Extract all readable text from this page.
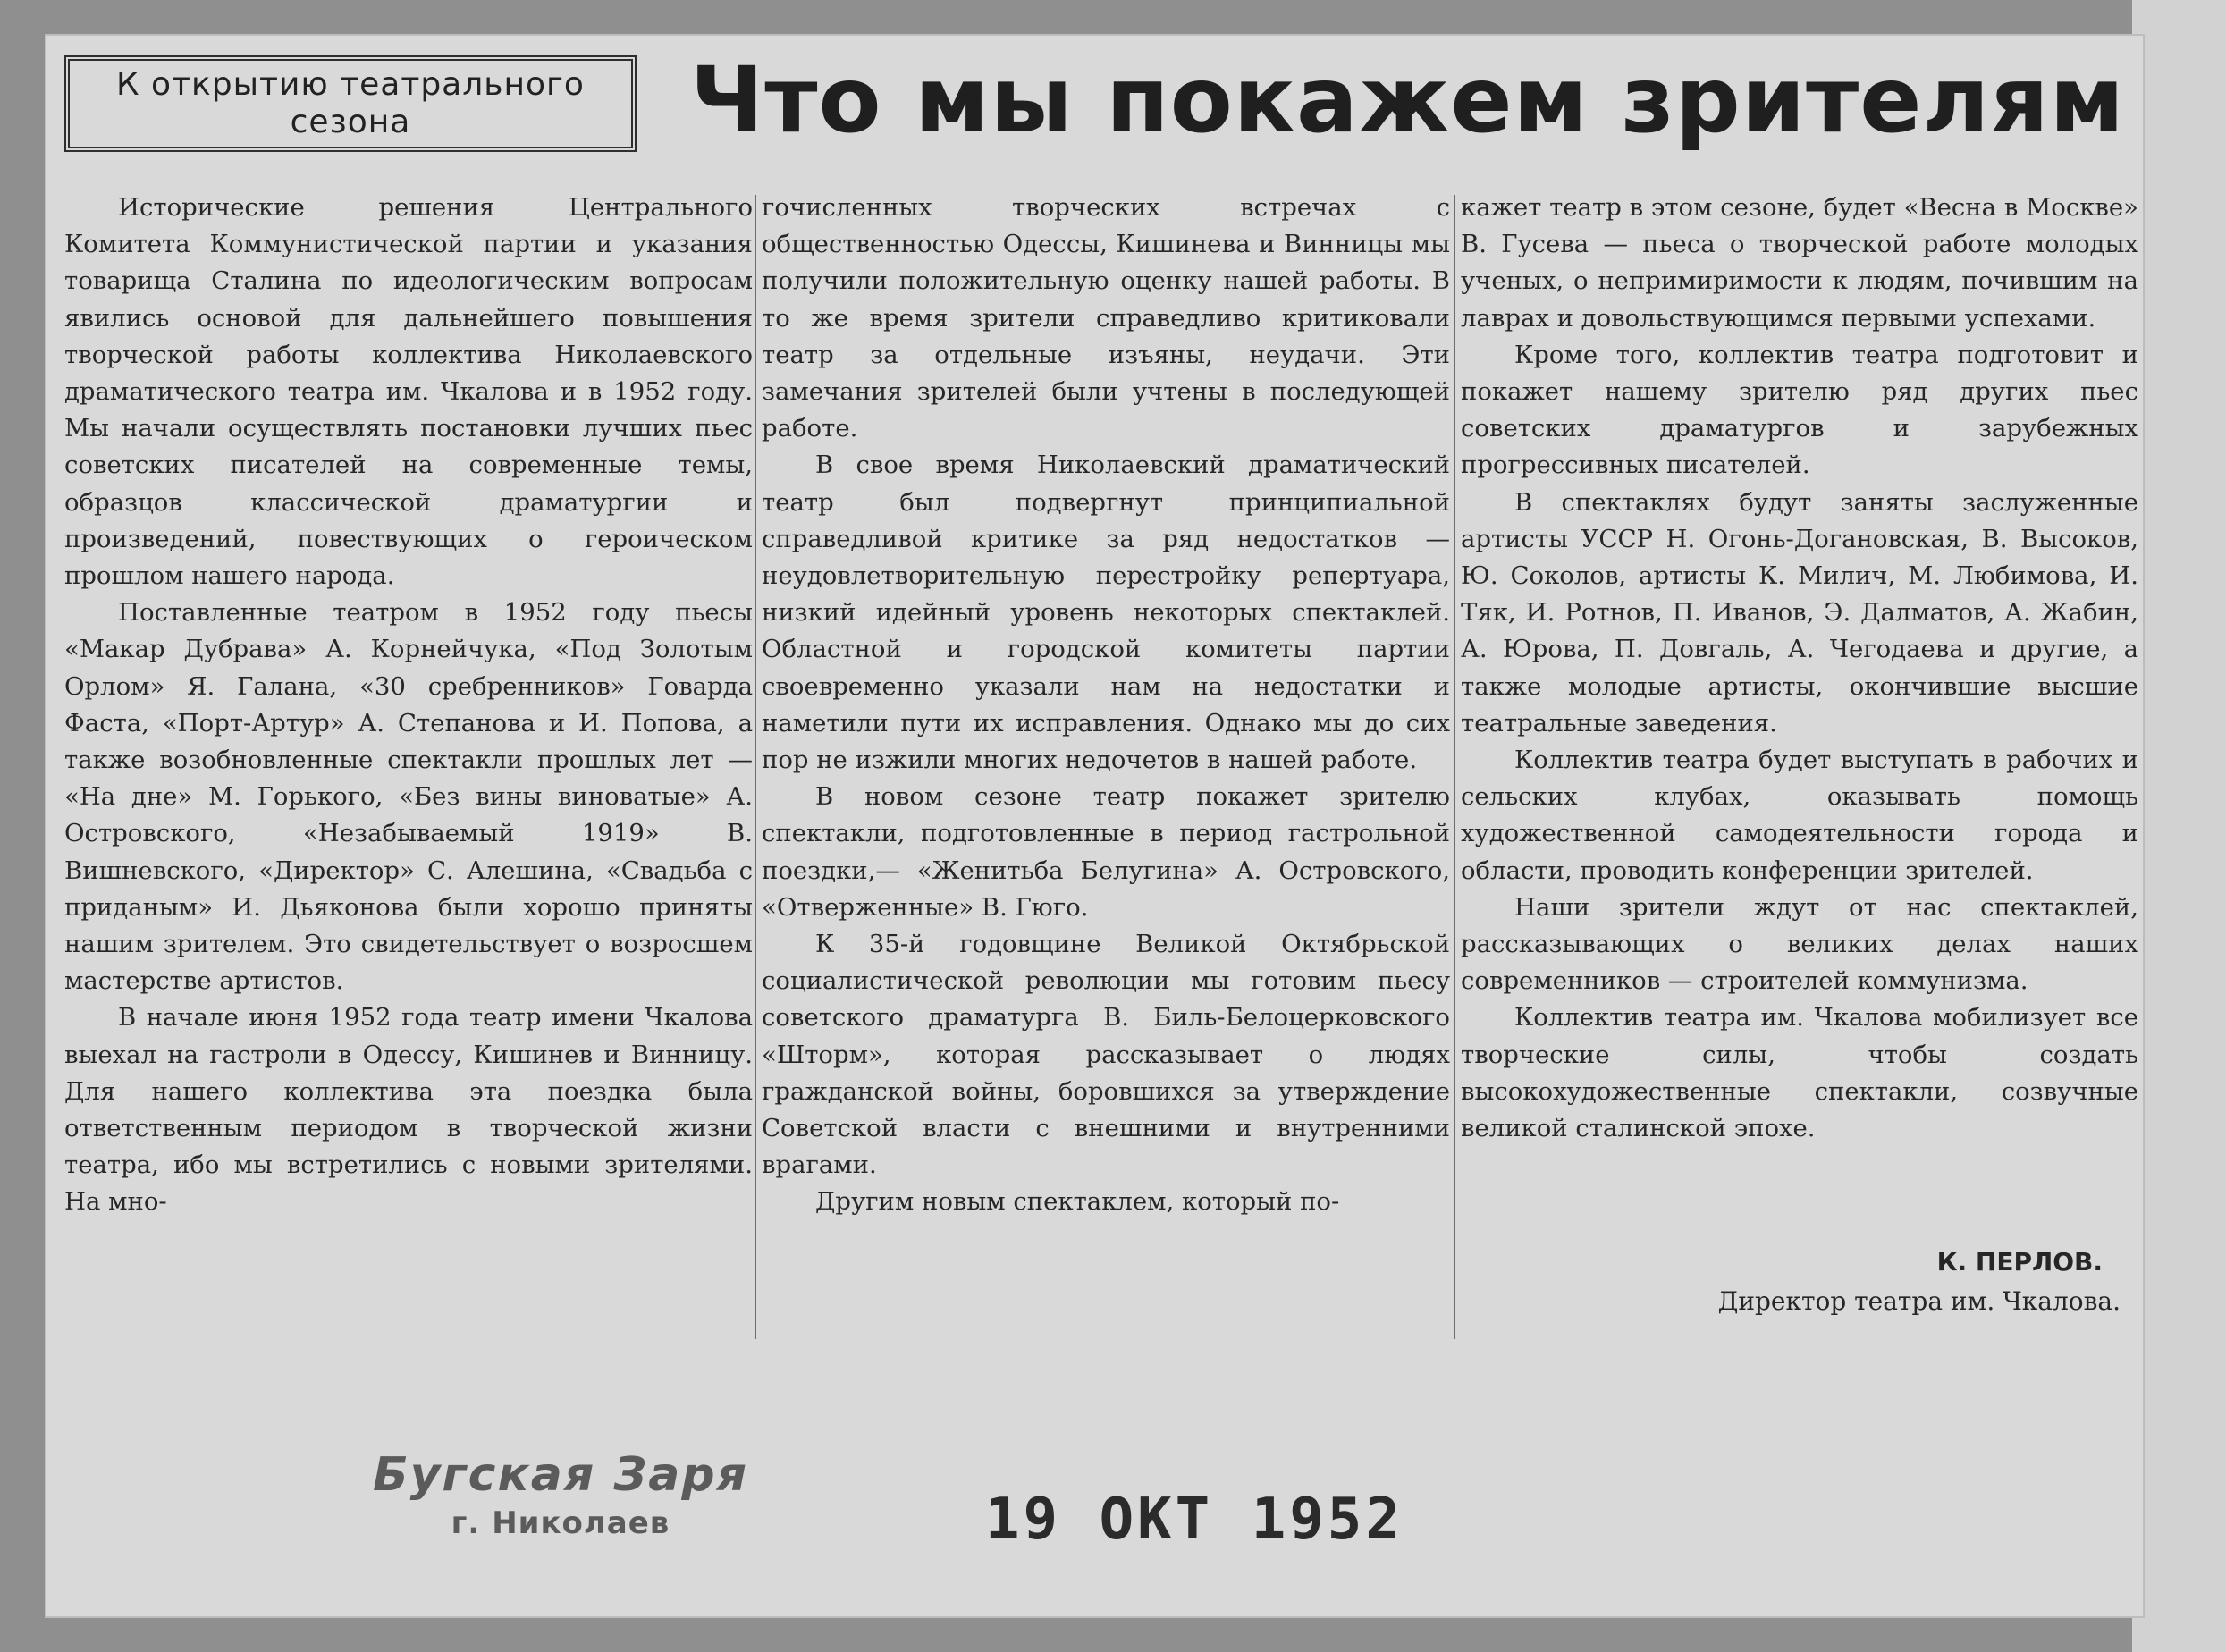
К открытию театрального сезона	Что мы покажем зрителям

Исторические решения Центрального Комитета Коммунистической партии и указания товарища Сталина по идеологическим вопросам явились основой для дальнейшего повышения творческой работы коллектива Николаевского драматического театра им. Чкалова и в 1952 году. Мы начали осуществлять постановки лучших пьес советских писателей на современные темы, образцов классической драматургии и произведений, повествующих о героическом прошлом нашего народа.

Поставленные театром в 1952 году пьесы «Макар Дубрава» А. Корнейчука, «Под Золотым Орлом» Я. Галана, «30 сребренников» Говарда Фаста, «Порт-Артур» А. Степанова и И. Попова, а также возобновленные спектакли прошлых лет — «На дне» М. Горького, «Без вины виноватые» А. Островского, «Незабываемый 1919» В. Вишневского, «Директор» С. Алешина, «Свадьба с приданым» И. Дьяконова были хорошо приняты нашим зрителем. Это свидетельствует о возросшем мастерстве артистов.

В начале июня 1952 года театр имени Чкалова выехал на гастроли в Одессу, Кишинев и Винницу. Для нашего коллектива эта поездка была ответственным периодом в творческой жизни театра, ибо мы встретились с новыми зрителями. На мно-

гочисленных творческих встречах с общественностью Одессы, Кишинева и Винницы мы получили положительную оценку нашей работы. В то же время зрители справедливо критиковали театр за отдельные изъяны, неудачи. Эти замечания зрителей были учтены в последующей работе.

В свое время Николаевский драматический театр был подвергнут принципиальной справедливой критике за ряд недостатков — неудовлетворительную перестройку репертуара, низкий идейный уровень некоторых спектаклей. Областной и городской комитеты партии своевременно указали нам на недостатки и наметили пути их исправления. Однако мы до сих пор не изжили многих недочетов в нашей работе.

В новом сезоне театр покажет зрителю спектакли, подготовленные в период гастрольной поездки,— «Женитьба Белугина» А. Островского, «Отверженные» В. Гюго.

К 35-й годовщине Великой Октябрьской социалистической революции мы готовим пьесу советского драматурга В. Биль-Белоцерковского «Шторм», которая рассказывает о людях гражданской войны, боровшихся за утверждение Советской власти с внешними и внутренними врагами.

Другим новым спектаклем, который по-

кажет театр в этом сезоне, будет «Весна в Москве» В. Гусева — пьеса о творческой работе молодых ученых, о непримиримости к людям, почившим на лаврах и довольствующимся первыми успехами.

Кроме того, коллектив театра подготовит и покажет нашему зрителю ряд других пьес советских драматургов и зарубежных прогрессивных писателей.

В спектаклях будут заняты заслуженные артисты УССР Н. Огонь-Догановская, В. Высоков, Ю. Соколов, артисты К. Милич, М. Любимова, И. Тяк, И. Ротнов, П. Иванов, Э. Далматов, А. Жабин, А. Юрова, П. Довгаль, А. Чегодаева и другие, а также молодые артисты, окончившие высшие театральные заведения.

Коллектив театра будет выступать в рабочих и сельских клубах, оказывать помощь художественной самодеятельности города и области, проводить конференции зрителей.

Наши зрители ждут от нас спектаклей, рассказывающих о великих делах наших современников — строителей коммунизма.

Коллектив театра им. Чкалова мобилизует все творческие силы, чтобы создать высокохудожественные спектакли, созвучные великой сталинской эпохе.

К. ПЕРЛОВ.
Директор театра им. Чкалова.
Бугская Заря
г. Николаев	19 ОКТ 1952
